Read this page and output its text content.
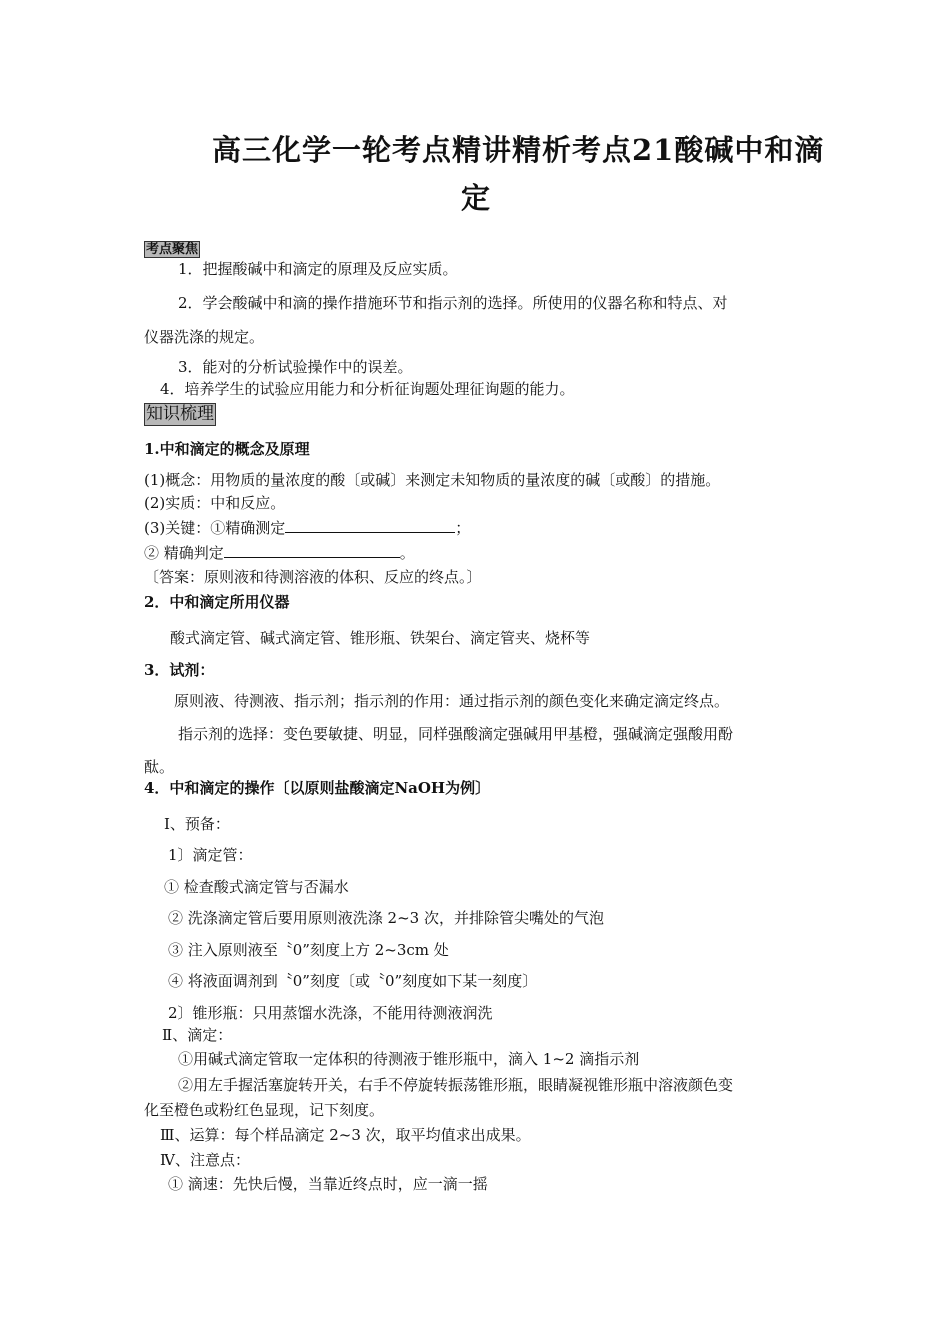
高三化学一轮考点精讲精析考点21酸碱中和滴
定
考点聚焦
1．把握酸碱中和滴定的原理及反应实质。
2．学会酸碱中和滴的操作措施环节和指示剂的选择。所使用的仪器名称和特点、对
仪器洗涤的规定。
3．能对的分析试验操作中的误差。
4．培养学生的试验应用能力和分析征询题处理征询题的能力。
知识梳理
1.中和滴定的概念及原理
(1)概念：用物质的量浓度的酸〔或碱〕来测定未知物质的量浓度的碱〔或酸〕的措施。
(2)实质：中和反应。
(3)关键：①精确测定	；
② 精确判定	。
〔答案：原则液和待测溶液的体积、反应的终点。〕
2．中和滴定所用仪器
酸式滴定管、碱式滴定管、锥形瓶、铁架台、滴定管夹、烧杯等
3．试剂：
原则液、待测液、指示剂；指示剂的作用：通过指示剂的颜色变化来确定滴定终点。
指示剂的选择：变色要敏捷、明显，同样强酸滴定强碱用甲基橙，强碱滴定强酸用酚
酞。
4．中和滴定的操作〔以原则盐酸滴定NaOH为例〕
Ⅰ、预备：
1〕滴定管：
① 检查酸式滴定管与否漏水
② 洗涤滴定管后要用原则液洗涤 2~3 次，并排除管尖嘴处的气泡
③ 注入原则液至〝0”刻度上方 2~3cm 处
④ 将液面调剂到〝0”刻度〔或〝0”刻度如下某一刻度〕
2〕锥形瓶：只用蒸馏水洗涤，不能用待测液润洗
Ⅱ、滴定：
①用碱式滴定管取一定体积的待测液于锥形瓶中，滴入 1~2 滴指示剂
②用左手握活塞旋转开关，右手不停旋转振荡锥形瓶，眼睛凝视锥形瓶中溶液颜色变
化至橙色或粉红色显现，记下刻度。
Ⅲ、运算：每个样品滴定 2~3 次，取平均值求出成果。
Ⅳ、注意点：
① 滴速：先快后慢，当靠近终点时，应一滴一摇
